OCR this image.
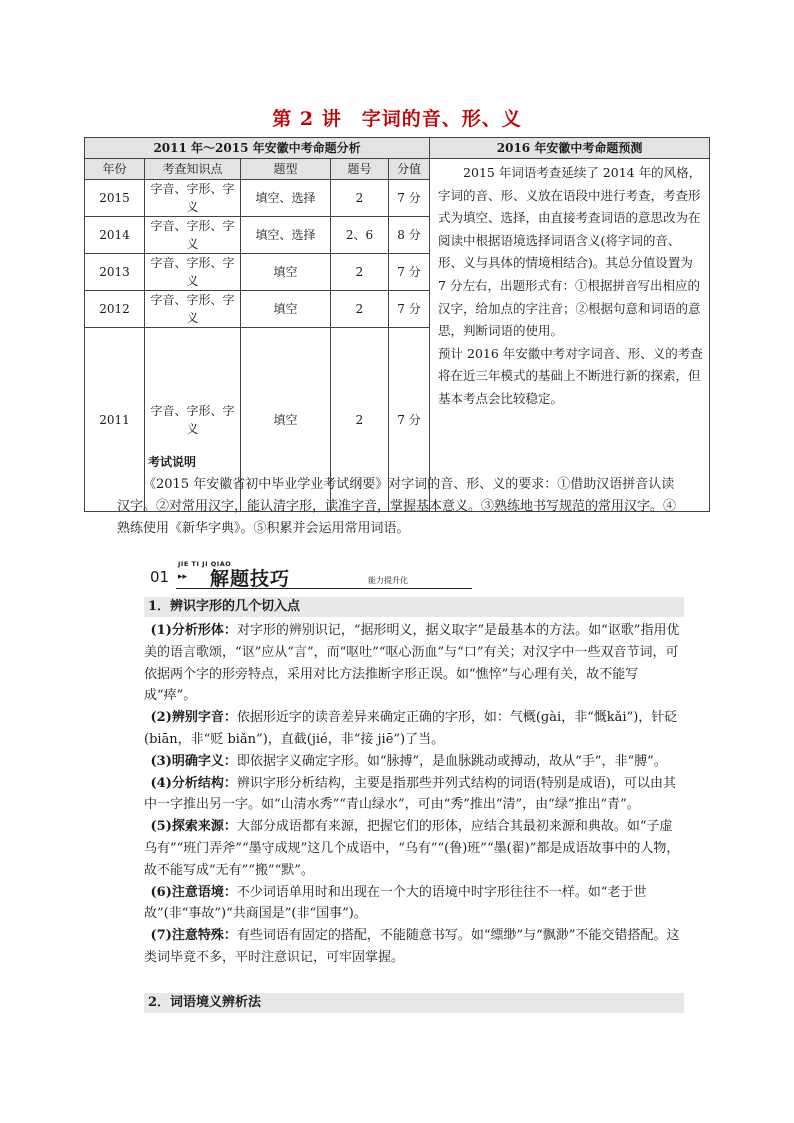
第 2 讲　字词的音、形、义
2011 年～2015 年安徽中考命题分析					2016 年安徽中考命题预测
年份	考查知识点	题型	题号	分值	2015 年词语考查延续了 2014 年的风格，字词的音、形、义放在语段中进行考查，考查形式为填空、选择，由直接考查词语的意思改为在阅读中根据语境选择词语含义(将字词的音、形、义与具体的情境相结合)。其总分值设置为 7 分左右，出题形式有：①根据拼音写出相应的汉字，给加点的字注音；②根据句意和词语的意思，判断词语的使用。

预计 2016 年安徽中考对字词音、形、义的考查将在近三年模式的基础上不断进行新的探索，但基本考点会比较稳定。

2015	字音、字形、字义	填空、选择	2	7 分	
2014	字音、字形、字义	填空、选择	2、6	8 分	
2013	字音、字形、字义	填空	2	7 分	
2012	字音、字形、字义	填空	2	7 分	
2011	字音、字形、字义	填空	2	7 分	
考试说明
《2015 年安徽省初中毕业学业考试纲要》对字词的音、形、义的要求：①借助汉语拼音认读汉字。②对常用汉字，能认清字形，读准字音，掌握基本意义。③熟练地书写规范的常用汉字。④熟练使用《新华字典》。⑤积累并会运用常用词语。
01
JIE TI JI QIAO
▸▸ 解题技巧	能力提升化
1．辨识字形的几个切入点

(1)分析形体：对字形的辨别识记，“据形明义，据义取字”是最基本的方法。如“讴歌”指用优美的语言歌颂，“讴”应从“言”，而“呕吐”“呕心沥血”与“口”有关；对汉字中一些双音节词，可依据两个字的形旁特点，采用对比方法推断字形正误。如“憔悴”与心理有关，故不能写成“瘁”。

(2)辨别字音：依据形近字的读音差异来确定正确的字形，如：气概(ɡài，非“慨kǎi”)，针砭(biān，非“贬 biǎn”)，直截(jié，非“接 jiē”)了当。

(3)明确字义：即依据字义确定字形。如“脉搏”，是血脉跳动或搏动，故从“手”，非“膊”。

(4)分析结构：辨识字形分析结构，主要是指那些并列式结构的词语(特别是成语)，可以由其中一字推出另一字。如“山清水秀”“青山绿水”，可由“秀”推出“清”，由“绿”推出“青”。

(5)探索来源：大部分成语都有来源，把握它们的形体，应结合其最初来源和典故。如“子虚乌有”“班门弄斧”“墨守成规”这几个成语中，“乌有”“(鲁)班”“墨(翟)”都是成语故事中的人物，故不能写成“无有”“搬”“默”。

(6)注意语境：不少词语单用时和出现在一个大的语境中时字形往往不一样。如“老于世故”(非“事故”)“共商国是”(非“国事”)。

(7)注意特殊：有些词语有固定的搭配，不能随意书写。如“缥缈”与“飘渺”不能交错搭配。这类词毕竟不多，平时注意识记，可牢固掌握。

2．词语境义辨析法
